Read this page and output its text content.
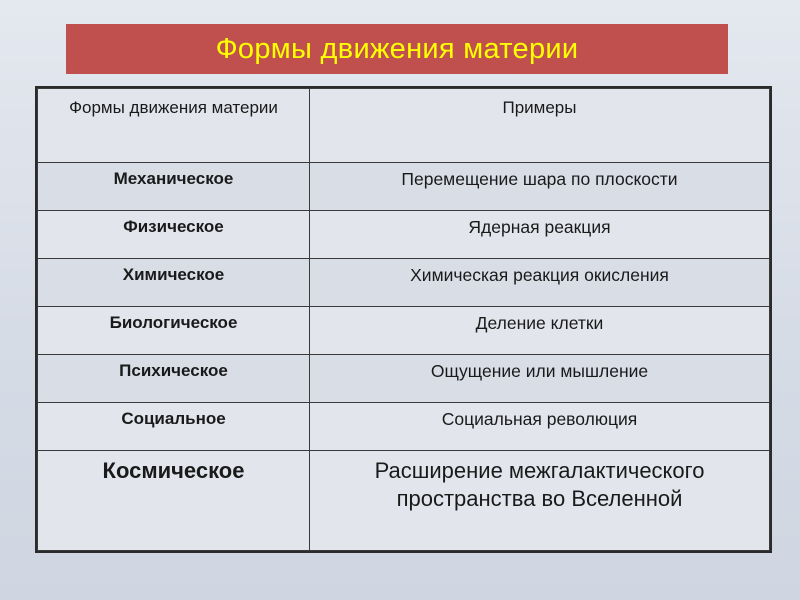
Формы движения материи
Формы движения материи	Примеры
Механическое	Перемещение шара по плоскости
Физическое	Ядерная реакция
Химическое	Химическая реакция окисления
Биологическое	Деление клетки
Психическое	Ощущение или мышление
Социальное	Социальная революция
Космическое	Расширение межгалактического пространства во Вселенной
